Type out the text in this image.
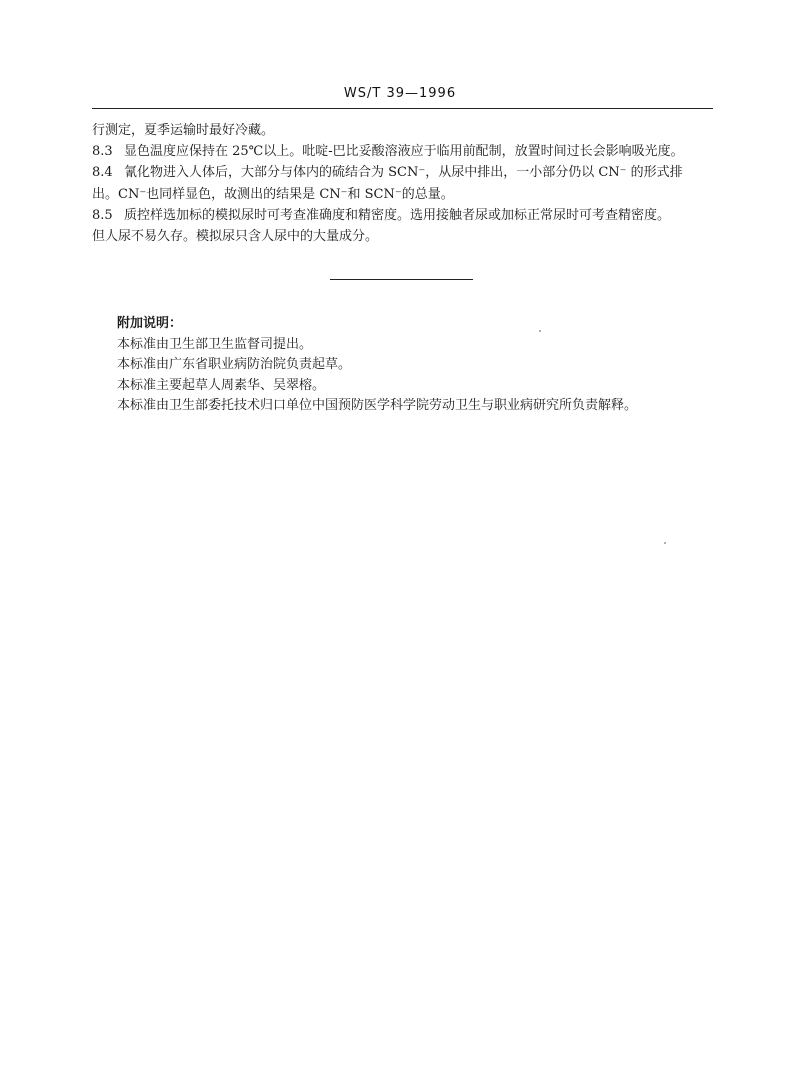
WS/T 39—1996

行测定，夏季运输时最好冷藏。

8.3 显色温度应保持在 25℃以上。吡啶-巴比妥酸溶液应于临用前配制，放置时间过长会影响吸光度。

8.4 氰化物进入人体后，大部分与体内的硫结合为 SCN⁻，从尿中排出，一小部分仍以 CN⁻ 的形式排

出。CN⁻也同样显色，故测出的结果是 CN⁻和 SCN⁻的总量。

8.5 质控样选加标的模拟尿时可考查准确度和精密度。选用接触者尿或加标正常尿时可考查精密度。

但人尿不易久存。模拟尿只含人尿中的大量成分。

附加说明：

本标准由卫生部卫生监督司提出。

本标准由广东省职业病防治院负责起草。

本标准主要起草人周素华、吴翠榕。

本标准由卫生部委托技术归口单位中国预防医学科学院劳动卫生与职业病研究所负责解释。
